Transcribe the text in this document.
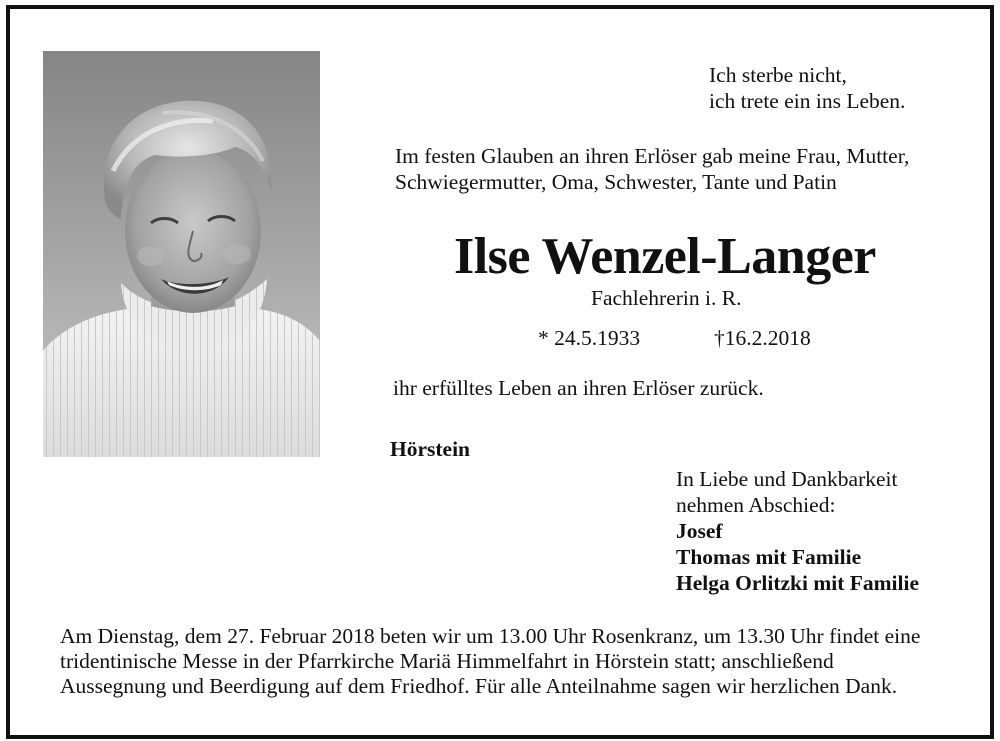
Ich sterbe nicht,
ich trete ein ins Leben.
Im festen Glauben an ihren Erlöser gab meine Frau, Mutter,
Schwiegermutter, Oma, Schwester, Tante und Patin
Ilse Wenzel-Langer
Fachlehrerin i. R.
* 24.5.1933	†16.2.2018
ihr erfülltes Leben an ihren Erlöser zurück.
Hörstein
In Liebe und Dankbarkeit
nehmen Abschied:
Josef
Thomas mit Familie
Helga Orlitzki mit Familie
Am Dienstag, dem 27. Februar 2018 beten wir um 13.00 Uhr Rosenkranz, um 13.30 Uhr findet eine
tridentinische Messe in der Pfarrkirche Mariä Himmelfahrt in Hörstein statt; anschließend
Aussegnung und Beerdigung auf dem Friedhof. Für alle Anteilnahme sagen wir herzlichen Dank.
